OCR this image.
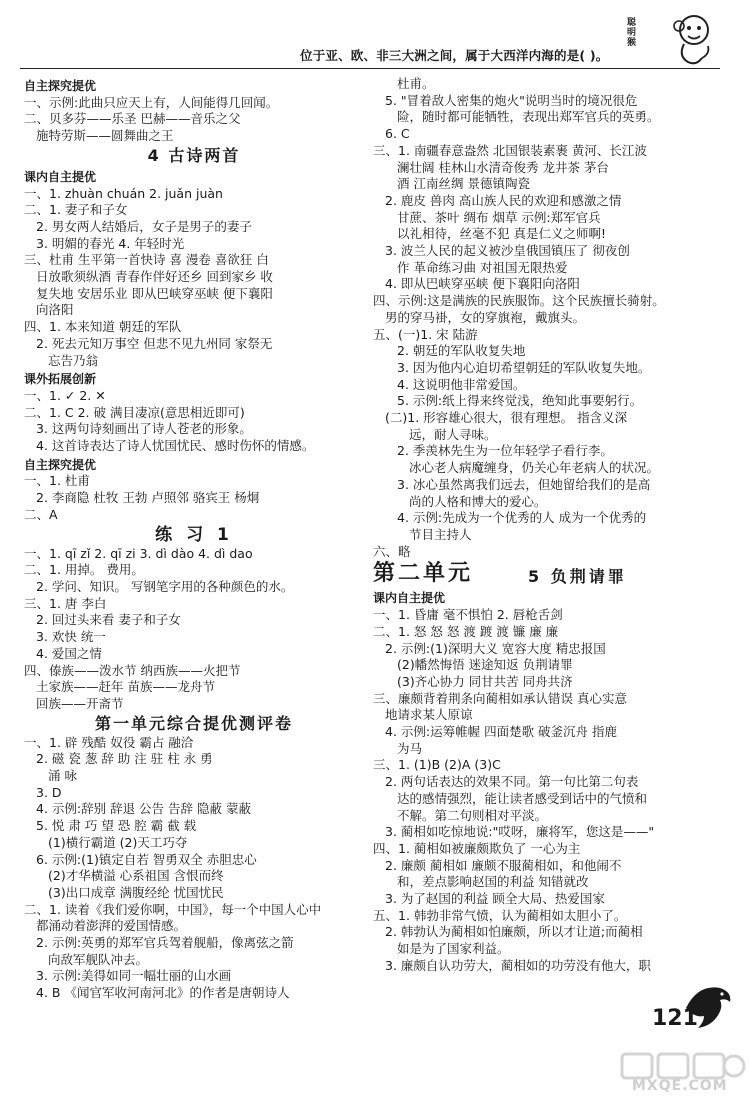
位于亚、欧、非三大洲之间，属于大西洋内海的是( )。
聪明猴
自主探究提优
一、示例:此曲只应天上有，人间能得几回闻。
二、贝多芬——乐圣 巴赫——音乐之父
施特劳斯——圆舞曲之王
4 古诗两首
课内自主提优
一、1. zhuàn chuán 2. juǎn juàn
二、1. 妻子和子女
2. 男女两人结婚后，女子是男子的妻子
3. 明媚的春光 4. 年轻时光
三、杜甫 生平第一首快诗 喜 漫卷 喜欲狂 白
日放歌须纵酒 青春作伴好还乡 回到家乡 收
复失地 安居乐业 即从巴峡穿巫峡 便下襄阳
向洛阳
四、1. 本来知道 朝廷的军队
2. 死去元知万事空 但悲不见九州同 家祭无
忘告乃翁
课外拓展创新
一、1. ✓ 2. ✕
二、1. C 2. 破 满目凄凉(意思相近即可)
3. 这两句诗刻画出了诗人苍老的形象。
4. 这首诗表达了诗人忧国忧民、感时伤怀的情感。
自主探究提优
一、1. 杜甫
2. 李商隐 杜牧 王勃 卢照邻 骆宾王 杨炯
二、A
练 习 1
一、1. qī zǐ 2. qī zi 3. dì dào 4. dì dao
二、1. 用掉。 费用。
2. 学问、知识。 写钢笔字用的各种颜色的水。
三、1. 唐 李白
2. 回过头来看 妻子和子女
3. 欢快 统一
4. 爱国之情
四、傣族——泼水节 纳西族——火把节
土家族——赶年 苗族——龙舟节
回族——开斋节
第一单元综合提优测评卷
一、1. 辟 残酷 奴役 霸占 融洽
2. 磁 瓷 葱 辞 助 注 驻 柱 永 勇
涌 咏
3. D
4. 示例:辞别 辞退 公告 告辞 隐蔽 蒙蔽
5. 悦 肃 巧 望 恐 腔 霸 截 载
(1)横行霸道 (2)天工巧夺
6. 示例:(1)镇定自若 智勇双全 赤胆忠心
(2)才华横溢 心系祖国 含恨而终
(3)出口成章 满腹经纶 忧国忧民
二、1. 读着《我们爱你啊，中国》，每一个中国人心中
都涌动着澎湃的爱国情感。
2. 示例:英勇的郑军官兵驾着舰船，像离弦之箭
向敌军舰队冲去。
3. 示例:美得如同一幅壮丽的山水画
4. B 《闻官军收河南河北》的作者是唐朝诗人
杜甫。
5. "冒着敌人密集的炮火"说明当时的境况很危
险，随时都可能牺牲，表现出郑军官兵的英勇。
6. C
三、1. 南疆春意盎然 北国银装素裹 黄河、长江波
澜壮阔 桂林山水清奇俊秀 龙井茶 茅台
酒 江南丝绸 景德镇陶瓷
2. 鹿皮 兽肉 高山族人民的欢迎和感激之情
甘蔗、茶叶 绸布 烟草 示例:郑军官兵
以礼相待，丝毫不犯 真是仁义之师啊!
3. 波兰人民的起义被沙皇俄国镇压了 彻夜创
作 革命练习曲 对祖国无限热爱
4. 即从巴峡穿巫峡 便下襄阳向洛阳
四、示例:这是满族的民族服饰。这个民族擅长骑射。
男的穿马褂，女的穿旗袍，戴旗头。
五、(一)1. 宋 陆游
2. 朝廷的军队收复失地
3. 因为他内心迫切希望朝廷的军队收复失地。
4. 这说明他非常爱国。
5. 示例:纸上得来终觉浅，绝知此事要躬行。
(二)1. 形容雄心很大，很有理想。 指含义深
远，耐人寻味。
2. 季羡林先生为一位年轻学子看行李。
冰心老人病魔缠身，仍关心年老病人的状况。
3. 冰心虽然离我们远去，但她留给我们的是高
尚的人格和博大的爱心。
4. 示例:先成为一个优秀的人 成为一个优秀的
节目主持人
六、略
第二单元	5 负荆请罪
课内自主提优
一、1. 昏庸 毫不惧怕 2. 唇枪舌剑
二、1. 怒 怒 怒 渡 踱 渡 镰 廉 廉
2. 示例:(1)深明大义 宽容大度 精忠报国
(2)幡然悔悟 迷途知返 负荆请罪
(3)齐心协力 同甘共苦 同舟共济
三、廉颇背着荆条向蔺相如承认错误 真心实意
地请求某人原谅
4. 示例:运筹帷幄 四面楚歌 破釜沉舟 指鹿
为马
三、1. (1)B (2)A (3)C
2. 两句话表达的效果不同。第一句比第二句表
达的感情强烈，能让读者感受到话中的气愤和
不解。第二句则相对平淡。
3. 蔺相如吃惊地说:"哎呀，廉将军，您这是——"
四、1. 蔺相如被廉颇欺负了 一心为主
2. 廉颇 蔺相如 廉颇不服蔺相如，和他闹不
和，差点影响赵国的利益 知错就改
3. 为了赵国的利益 顾全大局、热爱国家
五、1. 韩勃非常气愤，认为蔺相如太胆小了。
2. 韩勃认为蔺相如怕廉颇，所以才让道;而蔺相
如是为了国家利益。
3. 廉颇自认功劳大，蔺相如的功劳没有他大，职
121
MXQE.COM
